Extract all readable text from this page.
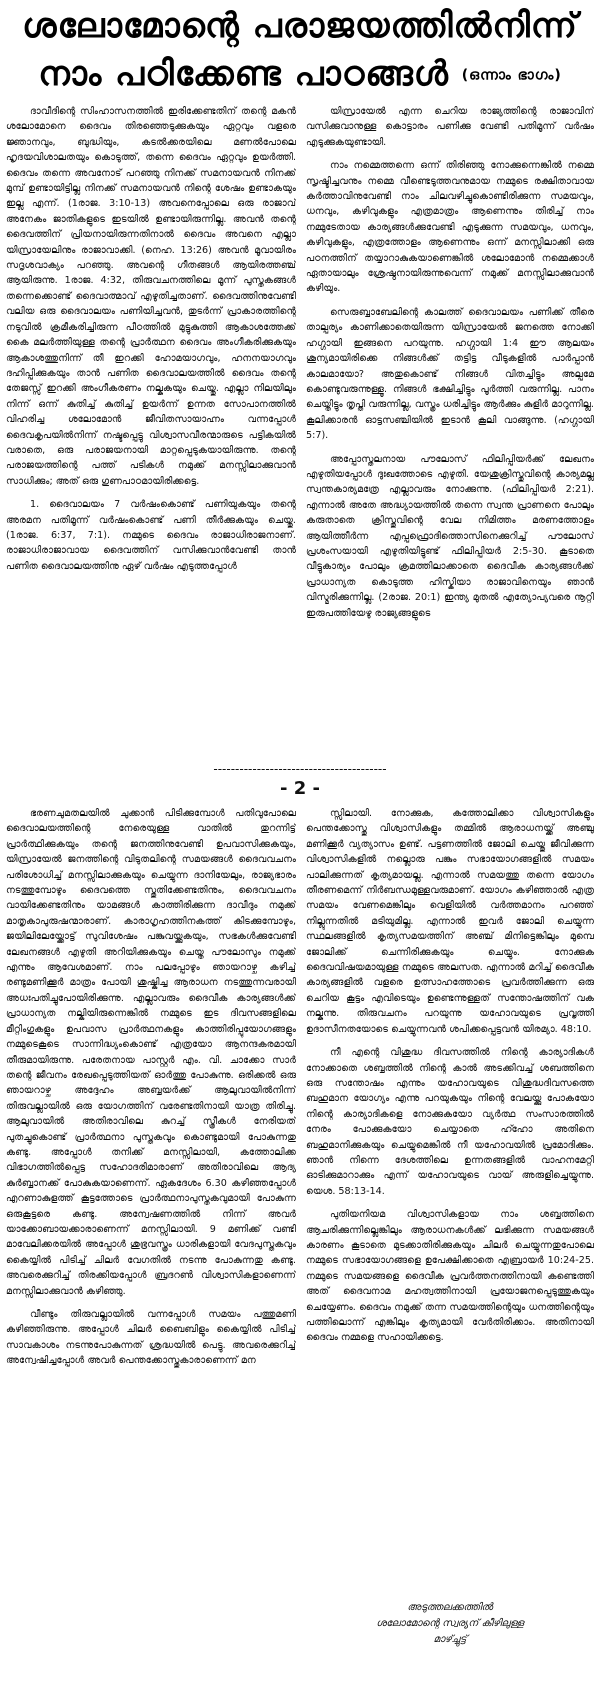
ശലോമോന്റെ പരാജയത്തിൽനിന്ന്
നാം പഠിക്കേണ്ട പാഠങ്ങൾ (ഒന്നാം ഭാഗം)

ദാവീദിന്റെ സിംഹാസനത്തിൽ ഇരിക്കേണ്ടതിന് തന്റെ മകൻ ശലോമോനെ ദൈവം തിരഞ്ഞെടുക്കുകയും ഏറ്റവും വളരെ ജ്ഞാനവും, ബുദ്ധിയും, കടൽക്കരയിലെ മണൽപോലെ ഹൃദയവിശാലതയും കൊടുത്ത്, തന്നെ ദൈവം ഏറ്റവും ഉയർത്തി. ദൈവം തന്നെ അവനോട് പറഞ്ഞു നിനക്ക് സമനായവൻ നിനക്ക് മുമ്പ് ഉണ്ടായിട്ടില്ല നിനക്ക് സമനായവൻ നിന്റെ ശേഷം ഉണ്ടാകയും ഇല്ല എന്ന്. (1രാജ. 3:10-13) അവനെപ്പോലെ ഒരു രാജാവ് അനേകം ജാതികളുടെ ഇടയിൽ ഉണ്ടായിരുന്നില്ല. അവൻ തന്റെ ദൈവത്തിന് പ്രിയനായിരുന്നതിനാൽ ദൈവം അവനെ എല്ലാ യിസ്രായേലിനും രാജാവാക്കി. (നെഹ. 13:26) അവൻ മൂവായിരം സദൃശവാക്യം പറഞ്ഞു. അവന്റെ ഗീതങ്ങൾ ആയിരത്തഞ്ച് ആയിരുന്നു. 1രാജ. 4:32, തിരുവചനത്തിലെ മൂന്ന് പുസ്തകങ്ങൾ തന്നെക്കൊണ്ട് ദൈവാത്മാവ് എഴുതിച്ചതാണ്. ദൈവത്തിനുവേണ്ടി വലിയ ഒരു ദൈവാലയം പണിയിച്ചവൻ, തുടർന്ന് പ്രാകാരത്തിന്റെ നടുവിൽ ക്രമീകരിച്ചിരുന്ന പീഠത്തിൽ മുട്ടുകുത്തി ആകാശത്തേക്ക് കൈ മലർത്തിയുള്ള തന്റെ പ്രാർത്ഥന ദൈവം അംഗീകരിക്കുകയും ആകാശത്തുനിന്ന് തീ ഇറക്കി ഹോമയാഗവും, ഹനനയാഗവും ദഹിപ്പിക്കുകയും താൻ പണിത ദൈവാലയത്തിൽ ദൈവം തന്റെ തേജസ്സ് ഇറക്കി അംഗീകരണം നല്കുകയും ചെയ്തു. എല്ലാ നിലയിലും നിന്ന് ഒന്ന് കുതിച്ച് കുതിച്ച് ഉയർന്ന് ഉന്നത സോപാനത്തിൽ വിഹരിച്ച ശലോമോൻ ജീവിതസായാഹ്നം വന്നപ്പോൾ ദൈവകൃപയിൽനിന്ന് നഷ്ടപ്പെട്ടു വിശ്വാസവീരന്മാരുടെ പട്ടികയിൽ വരാതെ, ഒരു പരാജയനായി മാറ്റപ്പെടുകയായിരുന്നു. തന്റെ പരാജയത്തിന്റെ പത്ത് പടികൾ നമുക്ക് മനസ്സിലാക്കുവാൻ സാധിക്കും; അത് ഒരു ഗുണപാഠമായിരിക്കട്ടെ.

1. ദൈവാലയം 7 വർഷംകൊണ്ട് പണിയുകയും തന്റെ അരമന പതിമൂന്ന് വർഷംകൊണ്ട് പണി തീർക്കുകയും ചെയ്തു. (1രാജ. 6:37, 7:1). നമ്മുടെ ദൈവം രാജാധിരാജനാണ്. രാജാധിരാജാവായ ദൈവത്തിന് വസിക്കുവാൻവേണ്ടി താൻ പണിത ദൈവാലയത്തിനു ഏഴ് വർഷം എടുത്തപ്പോൾ

യിസ്രായേൽ എന്ന ചെറിയ രാജ്യത്തിന്റെ രാജാവിന് വസിക്കുവാനുള്ള കൊട്ടാരം പണിക്കു വേണ്ടി പതിമൂന്ന് വർഷം എടുക്കുകയുണ്ടായി.

നാം നമ്മെത്തന്നെ ഒന്ന് തിരിഞ്ഞു നോക്കുന്നെങ്കിൽ നമ്മെ സൃഷ്ടിച്ചവനും നമ്മെ വീണ്ടെടുത്തവനുമായ നമ്മുടെ രക്ഷിതാവായ കർത്താവിനുവേണ്ടി നാം ചിലവഴിച്ചുകൊണ്ടിരിക്കുന്ന സമയവും, ധനവും, കഴിവുകളും എത്രമാത്രം ആണെന്നും തിരിച്ച് നാം നമ്മുടേതായ കാര്യങ്ങൾക്കുവേണ്ടി എടുക്കുന്ന സമയവും, ധനവും, കഴിവുകളും, എത്രത്തോളം ആണെന്നും ഒന്ന് മനസ്സിലാക്കി ഒരു പഠനത്തിന് തയ്യാറാകുകയാണെങ്കിൽ ശലോമോൻ നമ്മെക്കാൾ ഏതായാലും ശ്രേഷ്ഠനായിരുന്നുവെന്ന് നമുക്ക് മനസ്സിലാക്കുവാൻ കഴിയും.

സെരുബ്ബാബേലിന്റെ കാലത്ത് ദൈവാലയം പണിക്ക് തീരെ താല്പര്യം കാണിക്കാതെയിരുന്ന യിസ്രായേൽ ജനത്തെ നോക്കി ഹഗ്ഗായി ഇങ്ങനെ പറയുന്നു. ഹഗ്ഗായി 1:4 ഈ ആലയം ശൂന്യമായിരിക്കെ നിങ്ങൾക്ക് തട്ടിട്ട വീടുകളിൽ പാർപ്പാൻ കാലമായോ? അതുകൊണ്ട് നിങ്ങൾ വിതച്ചിട്ടും അല്പമേ കൊണ്ടുവരുന്നുള്ളൂ. നിങ്ങൾ ഭക്ഷിച്ചിട്ടും പൂർത്തി വരുന്നില്ല. പാനം ചെയ്തിട്ടും തൃപ്തി വരുന്നില്ല, വസ്ത്രം ധരിച്ചിട്ടും ആർക്കും കുളിർ മാറുന്നില്ല. കൂലിക്കാരൻ ഓട്ടസഞ്ചിയിൽ ഇടാൻ കൂലി വാങ്ങുന്നു. (ഹഗ്ഗായി 5:7).

അപ്പോസ്തലനായ പൗലോസ് ഫിലിപ്പിയർക്ക് ലേഖനം എഴുതിയപ്പോൾ ദുഃഖത്തോടെ എഴുതി. യേശുക്രിസ്തുവിന്റെ കാര്യമല്ല സ്വന്തകാര്യമത്രേ എല്ലാവരും നോക്കുന്നു. (ഫിലിപ്പിയർ 2:21). എന്നാൽ അതേ അദ്ധ്യായത്തിൽ തന്നെ സ്വന്ത പ്രാണനെ പോലും കരുതാതെ ക്രിസ്തുവിന്റെ വേല നിമിത്തം മരണത്തോളം ആയിത്തീർന്ന എപ്പഫ്രൊദിത്തൊസിനെക്കുറിച്ച് പൗലോസ് പ്രശംസയായി എഴുതിയിട്ടുണ്ട് ഫിലിപ്പിയർ 2:5-30. കൂടാതെ വീട്ടുകാര്യം പോലും ക്രമത്തിലാക്കാതെ ദൈവീക കാര്യങ്ങൾക്ക് പ്രാധാന്യത കൊടുത്ത ഹിസ്കിയാ രാജാവിനെയും ഞാൻ വിസ്മരിക്കുന്നില്ല. (2രാജ. 20:1) ഇന്ത്യ മുതൽ എത്യോപ്യവരെ നൂറ്റി ഇരുപത്തിയേഴു രാജ്യങ്ങളുടെ

----------------------------------------
- 2 -

ഭരണചുമതലയിൽ ചുക്കാൻ പിടിക്കുമ്പോൾ പതിവുപോലെ ദൈവാലയത്തിന്റെ നേരെയുള്ള വാതിൽ തുറന്നിട്ട് പ്രാർത്ഥിക്കുകയും തന്റെ ജനത്തിനുവേണ്ടി ഉപവാസിക്കുകയും, യിസ്രായേൽ ജനത്തിന്റെ വിടുതലിന്റെ സമയങ്ങൾ ദൈവവചനം പരിശോധിച്ച് മനസ്സിലാക്കുകയും ചെയ്യുന്ന ദാനിയേലും, രാജ്യഭാരം നടത്തുമ്പോഴും ദൈവത്തെ സ്തുതിക്കേണ്ടതിനും, ദൈവവചനം വായിക്കേണ്ടതിനും യാമങ്ങൾ കാത്തിരിക്കുന്ന ദാവീദും നമുക്ക് മാതൃകാപുരുഷന്മാരാണ്. കാരാഗൃഹത്തിനകത്ത് കിടക്കുമ്പോഴും, ജയിലിലേയ്ക്കോട്ട് സുവിശേഷം പങ്കുവയ്ക്കുകയും, സഭകൾക്കുവേണ്ടി ലേഖനങ്ങൾ എഴുതി അറിയിക്കുകയും ചെയ്ത പൗലോസും നമുക്ക് എന്നും ആവേശമാണ്. നാം പലപ്പോഴും ഞായറാഴ്ച കഴിച്ച് രണ്ടുമണിക്കൂർ മാത്രം പോയി ശുഷ്കിച്ച ആരാധന നടത്തുന്നവരായി അധഃപതിച്ചുപോയിരിക്കുന്നു. എല്ലാവരും ദൈവീക കാര്യങ്ങൾക്ക് പ്രാധാന്യത നല്കിയിരുന്നെങ്കിൽ നമ്മുടെ ഇട ദിവസങ്ങളിലെ മീറ്റിംഗുകളും ഉപവാസ പ്രാർത്ഥനകളും കാത്തിരിപ്പുയോഗങ്ങളും നമ്മുടെകൂടെ സാന്നിദ്ധ്യംകൊണ്ട് എത്രയോ ആനന്ദകരമായി തീരുമായിരുന്നു. പരേതനായ പാസ്റ്റർ എം. വി. ചാക്കോ സാർ തന്റെ ജീവനം രേഖപ്പെടുത്തിയത് ഓർത്തു പോകുന്നു. ഒരിക്കൽ ഒരു ഞായറാഴ്ച അദ്ദേഹം അബ്ബയർക്ക് ആലുവായിൽനിന്ന് തിരുവല്ലായിൽ ഒരു യോഗത്തിന് വരേണ്ടതിനായി യാത്ര തിരിച്ചു. ആലുവായിൽ അതിരാവിലെ കുറച്ച് സ്ത്രീകൾ നേരിയത് പുതച്ചുകൊണ്ട് പ്രാർത്ഥനാ പുസ്തകവും കൊണ്ടുമായി പോകുന്നതു കണ്ടു. അപ്പോൾ തനിക്ക് മനസ്സിലായി, കത്തോലിക്ക വിഭാഗത്തിൽപ്പെട്ട സഹോദരിമാരാണ് അതിരാവിലെ ആദ്യ കുർബ്ബാനക്ക് പോകുകയാണെന്ന്. ഏകദേശം 6.30 കഴിഞ്ഞപ്പോൾ എറണാകുളത്ത് കൂട്ടത്തോടെ പ്രാർത്ഥനാപുസ്തകവുമായി പോകുന്ന ഒരുകൂട്ടരെ കണ്ടു. അന്വേഷണത്തിൽ നിന്ന് അവർ യാക്കോബായക്കാരാണെന്ന് മനസ്സിലായി. 9 മണിക്ക് വണ്ടി മാവേലിക്കരയിൽ അപ്പോൾ ശുഭ്രവസ്ത്രം ധാരികളായി വേദപുസ്തകവും കൈയ്യിൽ പിടിച്ച് ചിലർ വേഗതിൽ നടന്നു പോകുന്നതു കണ്ടു. അവരെക്കുറിച്ച് തിരക്കിയപ്പോൾ ബ്രദറൺ വിശ്വാസികളാണെന്ന് മനസ്സിലാക്കുവാൻ കഴിഞ്ഞു.

വീണ്ടും തിരുവല്ലായിൽ വന്നപ്പോൾ സമയം പത്തുമണി കഴിഞ്ഞിരുന്നു. അപ്പോൾ ചിലർ ബൈബിളും കൈയ്യിൽ പിടിച്ച് സാവകാശം നടന്നുപോകുന്നത് ശ്രദ്ധയിൽ പെട്ടു. അവരെക്കുറിച്ച് അന്വേഷിച്ചപ്പോൾ അവർ പെന്തക്കോസ്തുകാരാണെന്ന് മന

സ്സിലായി. നോക്കുക, കത്തോലിക്കാ വിശ്വാസികളും പെന്തക്കോസ്തു വിശ്വാസികളും തമ്മിൽ ആരാധനയ്ക്ക് അഞ്ചു മണിക്കൂർ വ്യത്യാസം ഉണ്ട്. പട്ടണത്തിൽ ജോലി ചെയ്തു ജീവിക്കുന്ന വിശ്വാസികളിൽ നല്ലൊരു പങ്കും സഭായോഗങ്ങളിൽ സമയം പാലിക്കുന്നത് കൃത്യമായല്ല. എന്നാൽ സമയത്തു തന്നെ യോഗം തീരണമെന്ന് നിർബന്ധമുള്ളവരുമാണ്. യോഗം കഴിഞ്ഞാൽ എത്ര സമയം വേണമെങ്കിലും വെളിയിൽ വർത്തമാനം പറഞ്ഞ് നില്ലുന്നതിൽ മടിയുമില്ല. എന്നാൽ ഇവർ ജോലി ചെയ്യുന്ന സ്ഥലങ്ങളിൽ കൃത്യസമയത്തിന് അഞ്ച് മിനിട്ടെങ്കിലും മുമ്പെ ജോലിക്ക് ചെന്നിരിക്കുകയും ചെയ്യും. നോക്കുക ദൈവവിഷയമായുള്ള നമ്മുടെ അലസത. എന്നാൽ മറിച്ച് ദൈവീക കാര്യങ്ങളിൽ വളരെ ഉത്സാഹത്തോടെ പ്രവർത്തിക്കുന്ന ഒരു ചെറിയ കൂട്ടം എവിടെയും ഉണ്ടെന്നുള്ളത് സന്തോഷത്തിന് വക നല്കുന്നു. തിരുവചനം പറയുന്നു യഹോവയുടെ പ്രവൃത്തി ഉദാസീനതയോടെ ചെയ്യുന്നവൻ ശപിക്കപ്പെട്ടവൻ യിരമ്യാ. 48:10.

നീ എന്റെ വിശുദ്ധ ദിവസത്തിൽ നിന്റെ കാര്യാദികൾ നോക്കാതെ ശബ്ബത്തിൽ നിന്റെ കാൽ അടക്കിവച്ച് ശബത്തിനെ ഒരു സന്തോഷം എന്നും യഹോവയുടെ വിശുദ്ധദിവസത്തെ ബഹുമാന യോഗ്യം എന്നു പറയുകയും നിന്റെ വേലയ്ക്കു പോകയോ നിന്റെ കാര്യാദികളെ നോക്കുകയോ വ്യർത്ഥ സംസാരത്തിൽ നേരം പോക്കുകയോ ചെയ്യാതെ ഹ്ഹോ അതിനെ ബഹുമാനിക്കുകയും ചെയ്യുമെങ്കിൽ നീ യഹോവയിൽ പ്രമോദിക്കും. ഞാൻ നിന്നെ ദേശത്തിലെ ഉന്നതങ്ങളിൽ വാഹനമേറ്റി ഓടിക്കുമാറാക്കും എന്ന് യഹോവയുടെ വായ് അരുളിച്ചെയ്യുന്നു. യെശ. 58:13-14.

പുതിയനിയമ വിശ്വാസികളായ നാം ശബ്ബത്തിനെ ആചരിക്കുന്നില്ലെങ്കിലും ആരാധനകൾക്ക് ലഭിക്കുന്ന സമയങ്ങൾ കാരണം കൂടാതെ മുടക്കാതിരിക്കുകയും ചിലർ ചെയ്യുന്നതുപോലെ നമ്മുടെ സഭായോഗങ്ങളെ ഉപേക്ഷിക്കാതെ എബ്രായർ 10:24-25. നമ്മുടെ സമയങ്ങളെ ദൈവീക പ്രവർത്തനത്തിനായി കണ്ടെത്തി അത് ദൈവനാമ മഹത്വത്തിനായി പ്രയോജനപ്പെടുത്തുകയും ചെയ്യേണം. ദൈവം നമുക്ക് തന്ന സമയത്തിന്റെയും ധനത്തിന്റെയും പത്തിലൊന്ന് എങ്കിലും കൃത്യമായി വേർതിരിക്കാം. അതിനായി ദൈവം നമ്മളെ സഹായിക്കട്ടെ.

അടുത്തലക്കത്തിൽ
ശലോമോന്റെ സ്വര്യന് കീഴിലുള്ള
മാഴ്ച്ചുട്ട്
